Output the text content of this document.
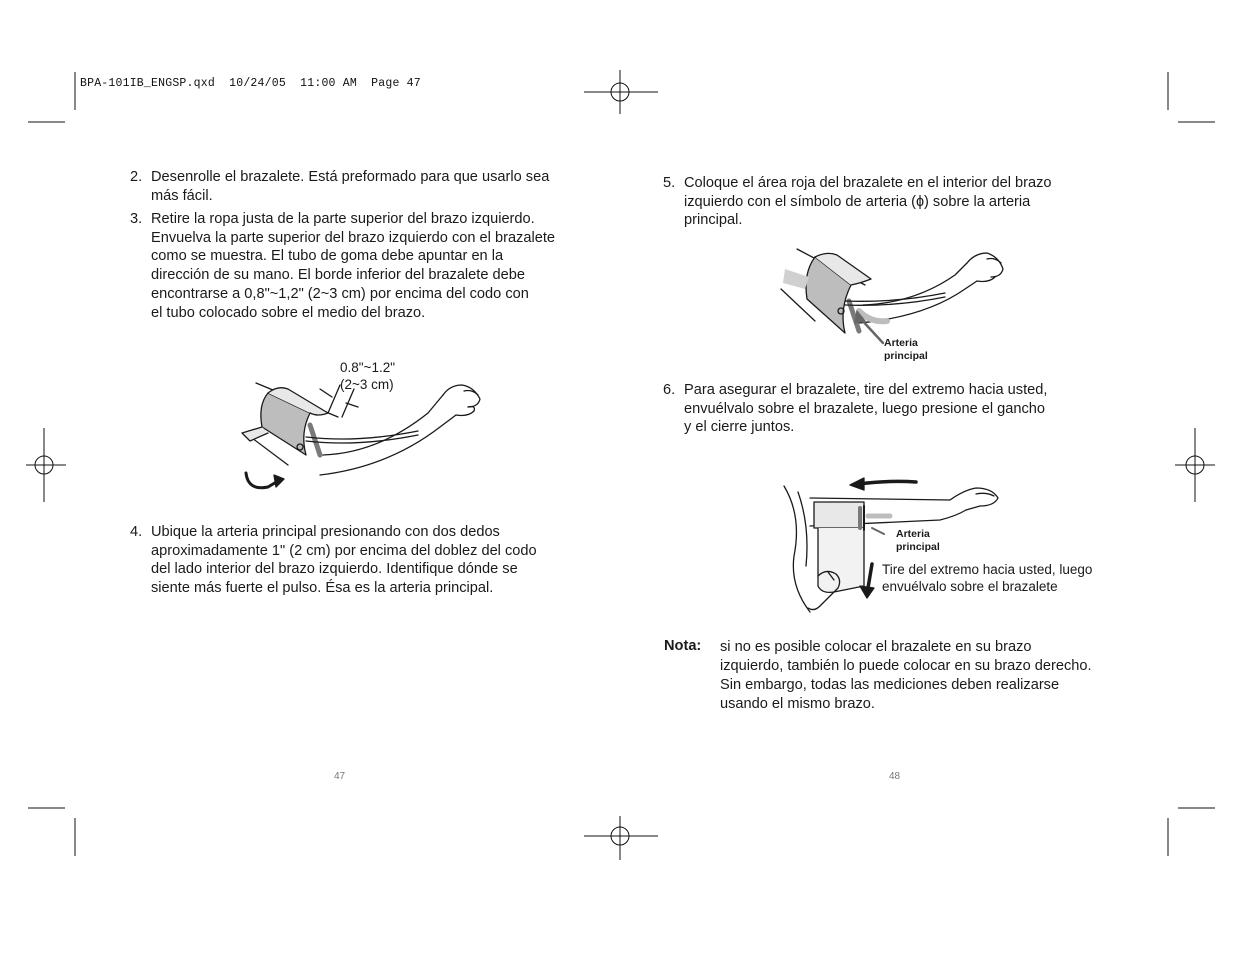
BPA-101IB_ENGSP.qxd  10/24/05  11:00 AM  Page 47
2. Desenrolle el brazalete. Está preformado para que usarlo sea
más fácil.
3. Retire la ropa justa de la parte superior del brazo izquierdo.
Envuelva la parte superior del brazo izquierdo con el brazalete
como se muestra. El tubo de goma debe apuntar en la
dirección de su mano. El borde inferior del brazalete debe
encontrarse a 0,8"~1,2" (2~3 cm) por encima del codo con
el tubo colocado sobre el medio del brazo.
0.8"~1.2"
(2~3 cm)
4. Ubique la arteria principal presionando con dos dedos
aproximadamente 1" (2 cm) por encima del doblez del codo
del lado interior del brazo izquierdo. Identifique dónde se
siente más fuerte el pulso. Ésa es la arteria principal.
47
5. Coloque el área roja del brazalete en el interior del brazo
izquierdo con el símbolo de arteria (ɸ) sobre la arteria
principal.
Arteria
principal
6. Para asegurar el brazalete, tire del extremo hacia usted,
envuélvalo sobre el brazalete, luego presione el gancho
y el cierre juntos.
Arteria
principal
Tire del extremo hacia usted, luego
envuélvalo sobre el brazalete
Nota: si no es posible colocar el brazalete en su brazo
izquierdo, también lo puede colocar en su brazo derecho.
Sin embargo, todas las mediciones deben realizarse
usando el mismo brazo.
48
